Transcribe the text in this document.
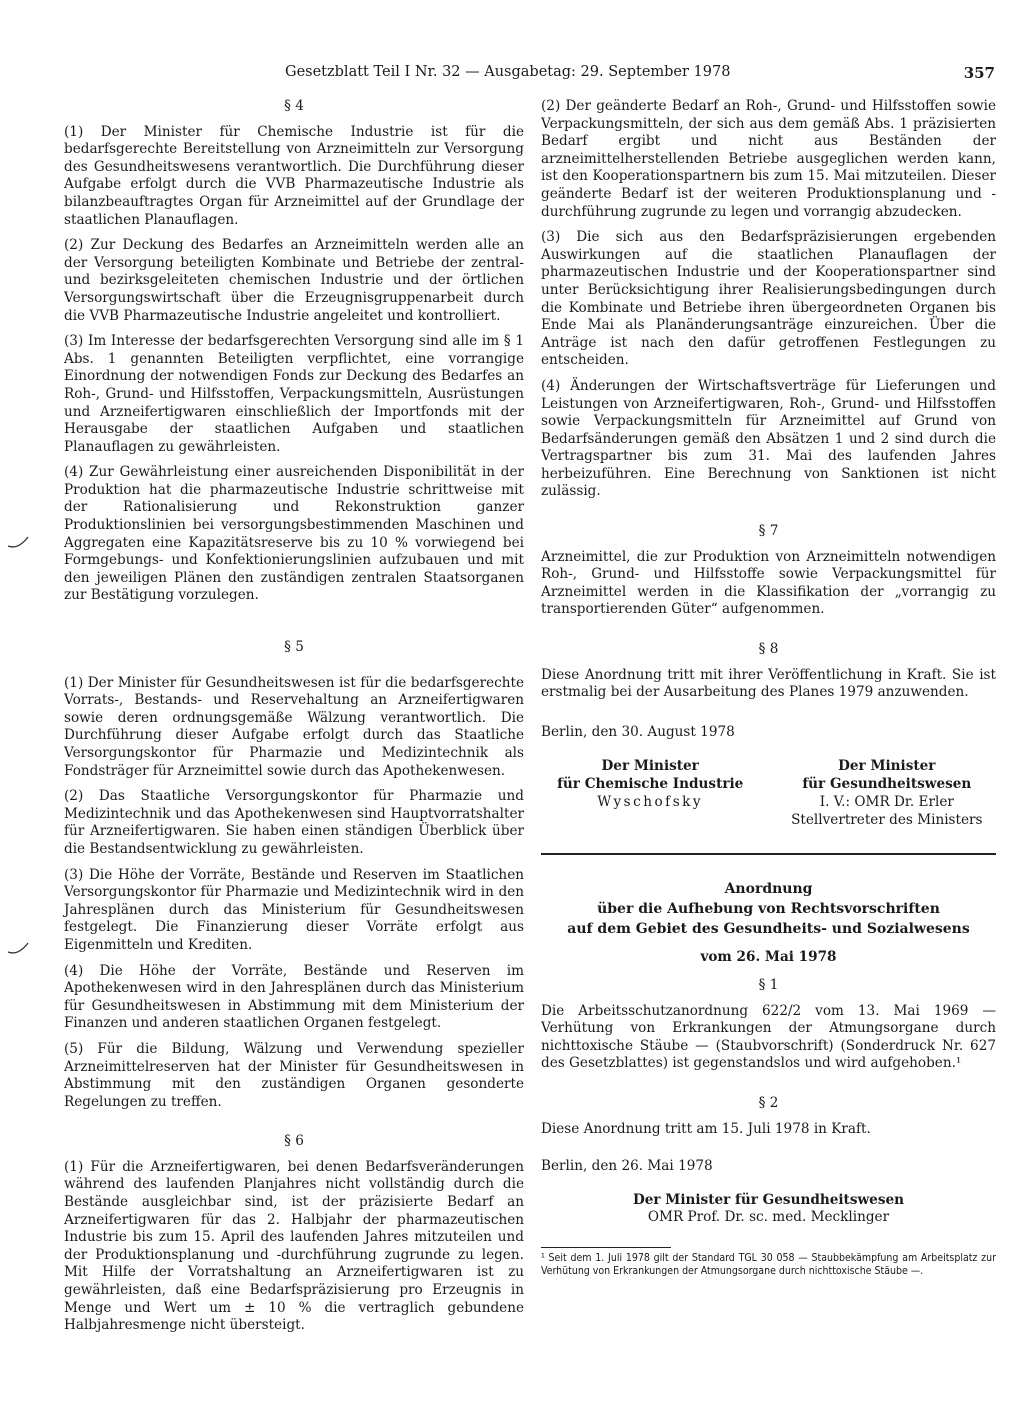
Gesetzblatt Teil I Nr. 32 — Ausgabetag: 29. September 1978	357

§ 4

(1) Der Minister für Chemische Industrie ist für die bedarfsgerechte Bereitstellung von Arzneimitteln zur Versorgung des Gesundheitswesens verantwortlich. Die Durchführung dieser Aufgabe erfolgt durch die VVB Pharmazeutische Industrie als bilanzbeauftragtes Organ für Arzneimittel auf der Grundlage der staatlichen Planauflagen.

(2) Zur Deckung des Bedarfes an Arzneimitteln werden alle an der Versorgung beteiligten Kombinate und Betriebe der zentral- und bezirksgeleiteten chemischen Industrie und der örtlichen Versorgungswirtschaft über die Erzeugnisgruppenarbeit durch die VVB Pharmazeutische Industrie angeleitet und kontrolliert.

(3) Im Interesse der bedarfsgerechten Versorgung sind alle im § 1 Abs. 1 genannten Beteiligten verpflichtet, eine vorrangige Einordnung der notwendigen Fonds zur Deckung des Bedarfes an Roh-, Grund- und Hilfsstoffen, Verpackungsmitteln, Ausrüstungen und Arzneifertigwaren einschließlich der Importfonds mit der Herausgabe der staatlichen Aufgaben und staatlichen Planauflagen zu gewährleisten.

(4) Zur Gewährleistung einer ausreichenden Disponibilität in der Produktion hat die pharmazeutische Industrie schrittweise mit der Rationalisierung und Rekonstruktion ganzer Produktionslinien bei versorgungsbestimmenden Maschinen und Aggregaten eine Kapazitätsreserve bis zu 10 % vorwiegend bei Formgebungs- und Konfektionierungslinien aufzubauen und mit den jeweiligen Plänen den zuständigen zentralen Staatsorganen zur Bestätigung vorzulegen.

§ 5

(1) Der Minister für Gesundheitswesen ist für die bedarfsgerechte Vorrats-, Bestands- und Reservehaltung an Arzneifertigwaren sowie deren ordnungsgemäße Wälzung verantwortlich. Die Durchführung dieser Aufgabe erfolgt durch das Staatliche Versorgungskontor für Pharmazie und Medizintechnik als Fondsträger für Arzneimittel sowie durch das Apothekenwesen.

(2) Das Staatliche Versorgungskontor für Pharmazie und Medizintechnik und das Apothekenwesen sind Hauptvorratshalter für Arzneifertigwaren. Sie haben einen ständigen Überblick über die Bestandsentwicklung zu gewährleisten.

(3) Die Höhe der Vorräte, Bestände und Reserven im Staatlichen Versorgungskontor für Pharmazie und Medizintechnik wird in den Jahresplänen durch das Ministerium für Gesundheitswesen festgelegt. Die Finanzierung dieser Vorräte erfolgt aus Eigenmitteln und Krediten.

(4) Die Höhe der Vorräte, Bestände und Reserven im Apothekenwesen wird in den Jahresplänen durch das Ministerium für Gesundheitswesen in Abstimmung mit dem Ministerium der Finanzen und anderen staatlichen Organen festgelegt.

(5) Für die Bildung, Wälzung und Verwendung spezieller Arzneimittelreserven hat der Minister für Gesundheitswesen in Abstimmung mit den zuständigen Organen gesonderte Regelungen zu treffen.

§ 6

(1) Für die Arzneifertigwaren, bei denen Bedarfsveränderungen während des laufenden Planjahres nicht vollständig durch die Bestände ausgleichbar sind, ist der präzisierte Bedarf an Arzneifertigwaren für das 2. Halbjahr der pharmazeutischen Industrie bis zum 15. April des laufenden Jahres mitzuteilen und der Produktionsplanung und -durchführung zugrunde zu legen. Mit Hilfe der Vorratshaltung an Arzneifertigwaren ist zu gewährleisten, daß eine Bedarfspräzisierung pro Erzeugnis in Menge und Wert um ± 10 % die vertraglich gebundene Halbjahresmenge nicht übersteigt.

(2) Der geänderte Bedarf an Roh-, Grund- und Hilfsstoffen sowie Verpackungsmitteln, der sich aus dem gemäß Abs. 1 präzisierten Bedarf ergibt und nicht aus Beständen der arzneimittelherstellenden Betriebe ausgeglichen werden kann, ist den Kooperationspartnern bis zum 15. Mai mitzuteilen. Dieser geänderte Bedarf ist der weiteren Produktionsplanung und -durchführung zugrunde zu legen und vorrangig abzudecken.

(3) Die sich aus den Bedarfspräzisierungen ergebenden Auswirkungen auf die staatlichen Planauflagen der pharmazeutischen Industrie und der Kooperationspartner sind unter Berücksichtigung ihrer Realisierungsbedingungen durch die Kombinate und Betriebe ihren übergeordneten Organen bis Ende Mai als Planänderungsanträge einzureichen. Über die Anträge ist nach den dafür getroffenen Festlegungen zu entscheiden.

(4) Änderungen der Wirtschaftsverträge für Lieferungen und Leistungen von Arzneifertigwaren, Roh-, Grund- und Hilfsstoffen sowie Verpackungsmitteln für Arzneimittel auf Grund von Bedarfsänderungen gemäß den Absätzen 1 und 2 sind durch die Vertragspartner bis zum 31. Mai des laufenden Jahres herbeizuführen. Eine Berechnung von Sanktionen ist nicht zulässig.

§ 7

Arzneimittel, die zur Produktion von Arzneimitteln notwendigen Roh-, Grund- und Hilfsstoffe sowie Verpackungsmittel für Arzneimittel werden in die Klassifikation der „vorrangig zu transportierenden Güter“ aufgenommen.

§ 8

Diese Anordnung tritt mit ihrer Veröffentlichung in Kraft. Sie ist erstmalig bei der Ausarbeitung des Planes 1979 anzuwenden.

Berlin, den 30. August 1978

Der Minister
für Chemische Industrie
Wyschofsky
Der Minister
für Gesundheitswesen
I. V.: OMR Dr. Erler
Stellvertreter des Ministers
Anordnung
über die Aufhebung von Rechtsvorschriften
auf dem Gebiet des Gesundheits- und Sozialwesens

vom 26. Mai 1978

§ 1

Die Arbeitsschutzanordnung 622/2 vom 13. Mai 1969 — Verhütung von Erkrankungen der Atmungsorgane durch nichttoxische Stäube — (Staubvorschrift) (Sonderdruck Nr. 627 des Gesetzblattes) ist gegenstandslos und wird aufgehoben.¹

§ 2

Diese Anordnung tritt am 15. Juli 1978 in Kraft.

Berlin, den 26. Mai 1978

Der Minister für Gesundheitswesen
OMR Prof. Dr. sc. med. Mecklinger
¹ Seit dem 1. Juli 1978 gilt der Standard TGL 30 058 — Staubbekämpfung am Arbeitsplatz zur Verhütung von Erkrankungen der Atmungsorgane durch nichttoxische Stäube —.
